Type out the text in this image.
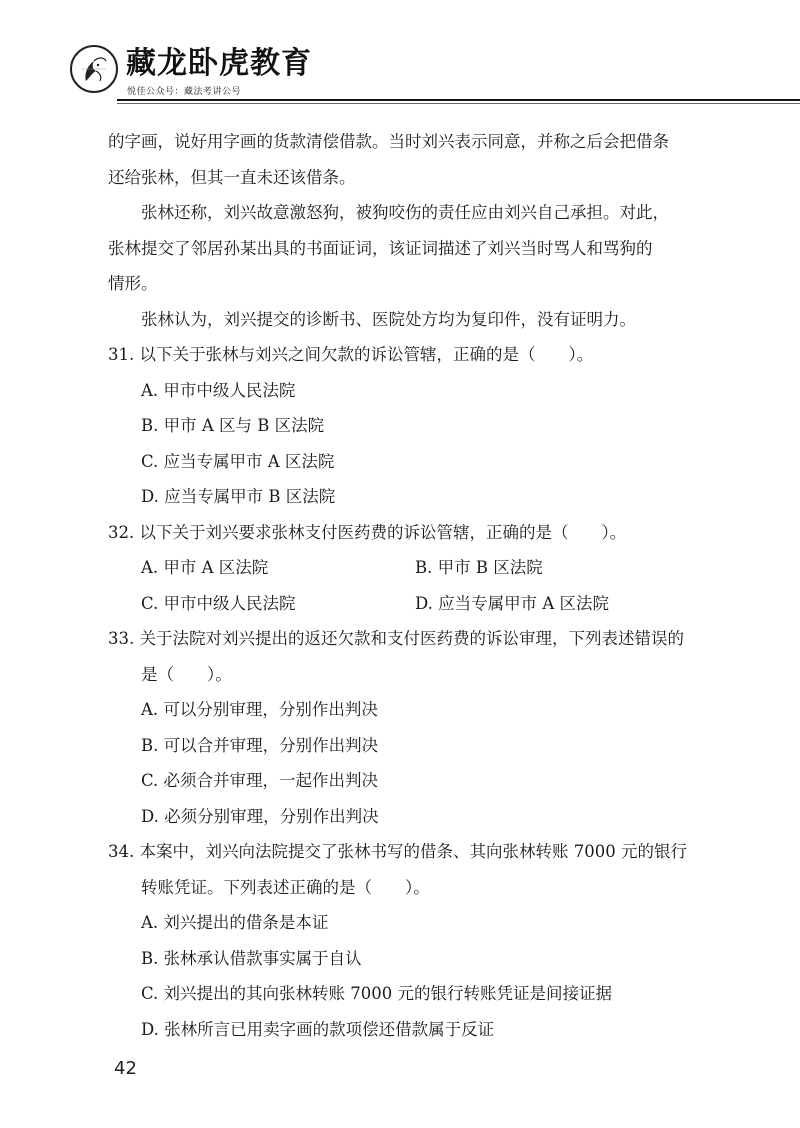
藏龙卧虎教育
悦佳公众号：藏法考讲公号
的字画，说好用字画的货款清偿借款。当时刘兴表示同意，并称之后会把借条
还给张林，但其一直未还该借条。
张林还称，刘兴故意激怒狗，被狗咬伤的责任应由刘兴自己承担。对此，
张林提交了邻居孙某出具的书面证词，该证词描述了刘兴当时骂人和骂狗的
情形。
张林认为，刘兴提交的诊断书、医院处方均为复印件，没有证明力。
31. 以下关于张林与刘兴之间欠款的诉讼管辖，正确的是（　　）。
A. 甲市中级人民法院
B. 甲市 A 区与 B 区法院
C. 应当专属甲市 A 区法院
D. 应当专属甲市 B 区法院
32. 以下关于刘兴要求张林支付医药费的诉讼管辖，正确的是（　　）。
A. 甲市 A 区法院	B. 甲市 B 区法院
C. 甲市中级人民法院	D. 应当专属甲市 A 区法院
33. 关于法院对刘兴提出的返还欠款和支付医药费的诉讼审理，下列表述错误的
是（　　）。
A. 可以分别审理，分别作出判决
B. 可以合并审理，分别作出判决
C. 必须合并审理，一起作出判决
D. 必须分别审理，分别作出判决
34. 本案中，刘兴向法院提交了张林书写的借条、其向张林转账 7000 元的银行
转账凭证。下列表述正确的是（　　）。
A. 刘兴提出的借条是本证
B. 张林承认借款事实属于自认
C. 刘兴提出的其向张林转账 7000 元的银行转账凭证是间接证据
D. 张林所言已用卖字画的款项偿还借款属于反证
42
